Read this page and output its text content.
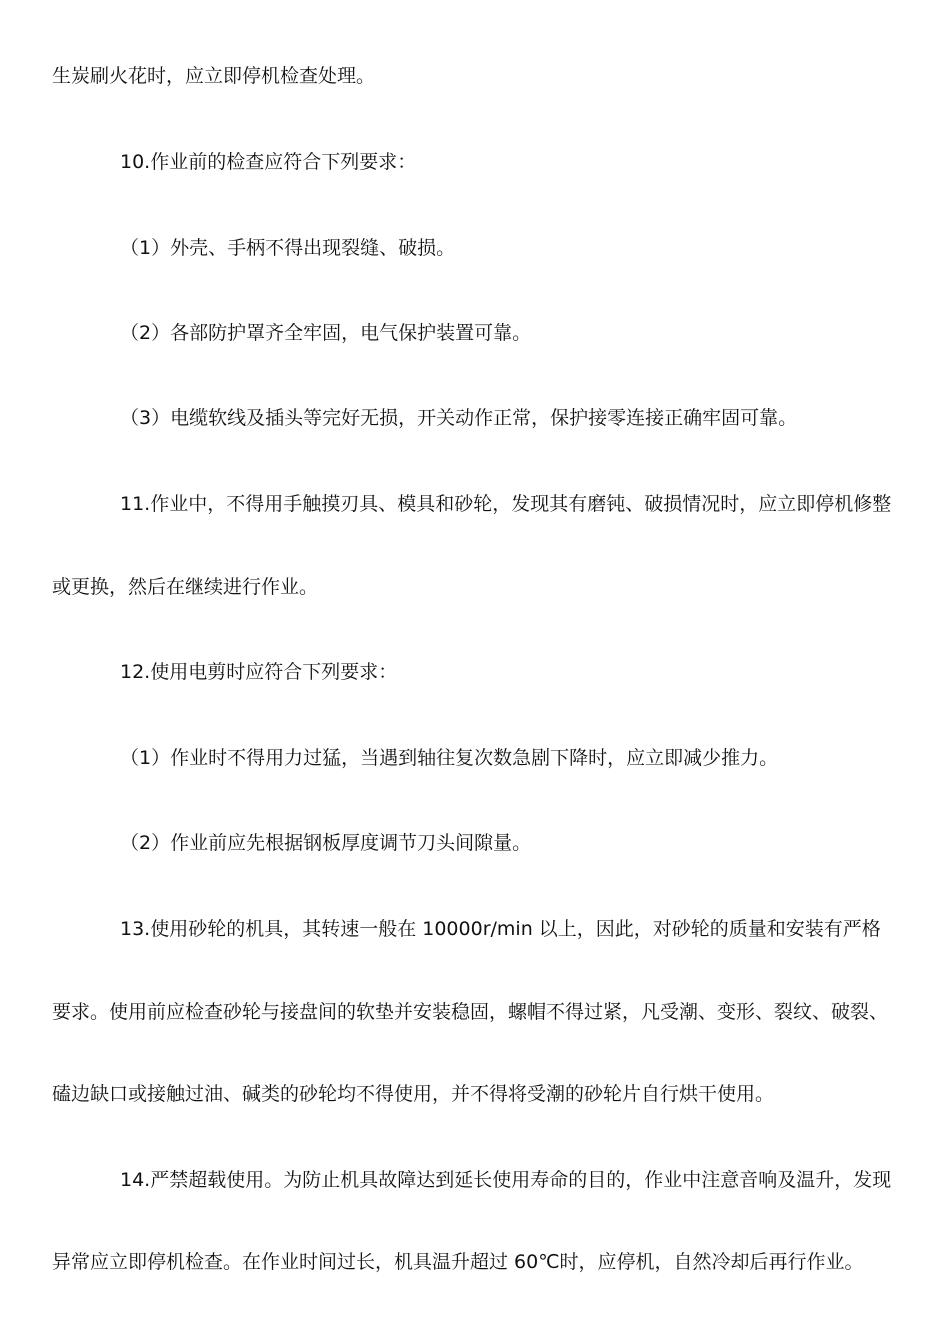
生炭刷火花时，应立即停机检查处理。
10.作业前的检查应符合下列要求：
（1）外壳、手柄不得出现裂缝、破损。
（2）各部防护罩齐全牢固，电气保护装置可靠。
（3）电缆软线及插头等完好无损，开关动作正常，保护接零连接正确牢固可靠。
11.作业中，不得用手触摸刃具、模具和砂轮，发现其有磨钝、破损情况时，应立即停机修整
或更换，然后在继续进行作业。
12.使用电剪时应符合下列要求：
（1）作业时不得用力过猛，当遇到轴往复次数急剧下降时，应立即减少推力。
（2）作业前应先根据钢板厚度调节刀头间隙量。
13.使用砂轮的机具，其转速一般在 10000r/min 以上，因此，对砂轮的质量和安装有严格
要求。使用前应检查砂轮与接盘间的软垫并安装稳固，螺帽不得过紧，凡受潮、变形、裂纹、破裂、
磕边缺口或接触过油、碱类的砂轮均不得使用，并不得将受潮的砂轮片自行烘干使用。
14.严禁超载使用。为防止机具故障达到延长使用寿命的目的，作业中注意音响及温升，发现
异常应立即停机检查。在作业时间过长，机具温升超过 60℃时，应停机，自然冷却后再行作业。
